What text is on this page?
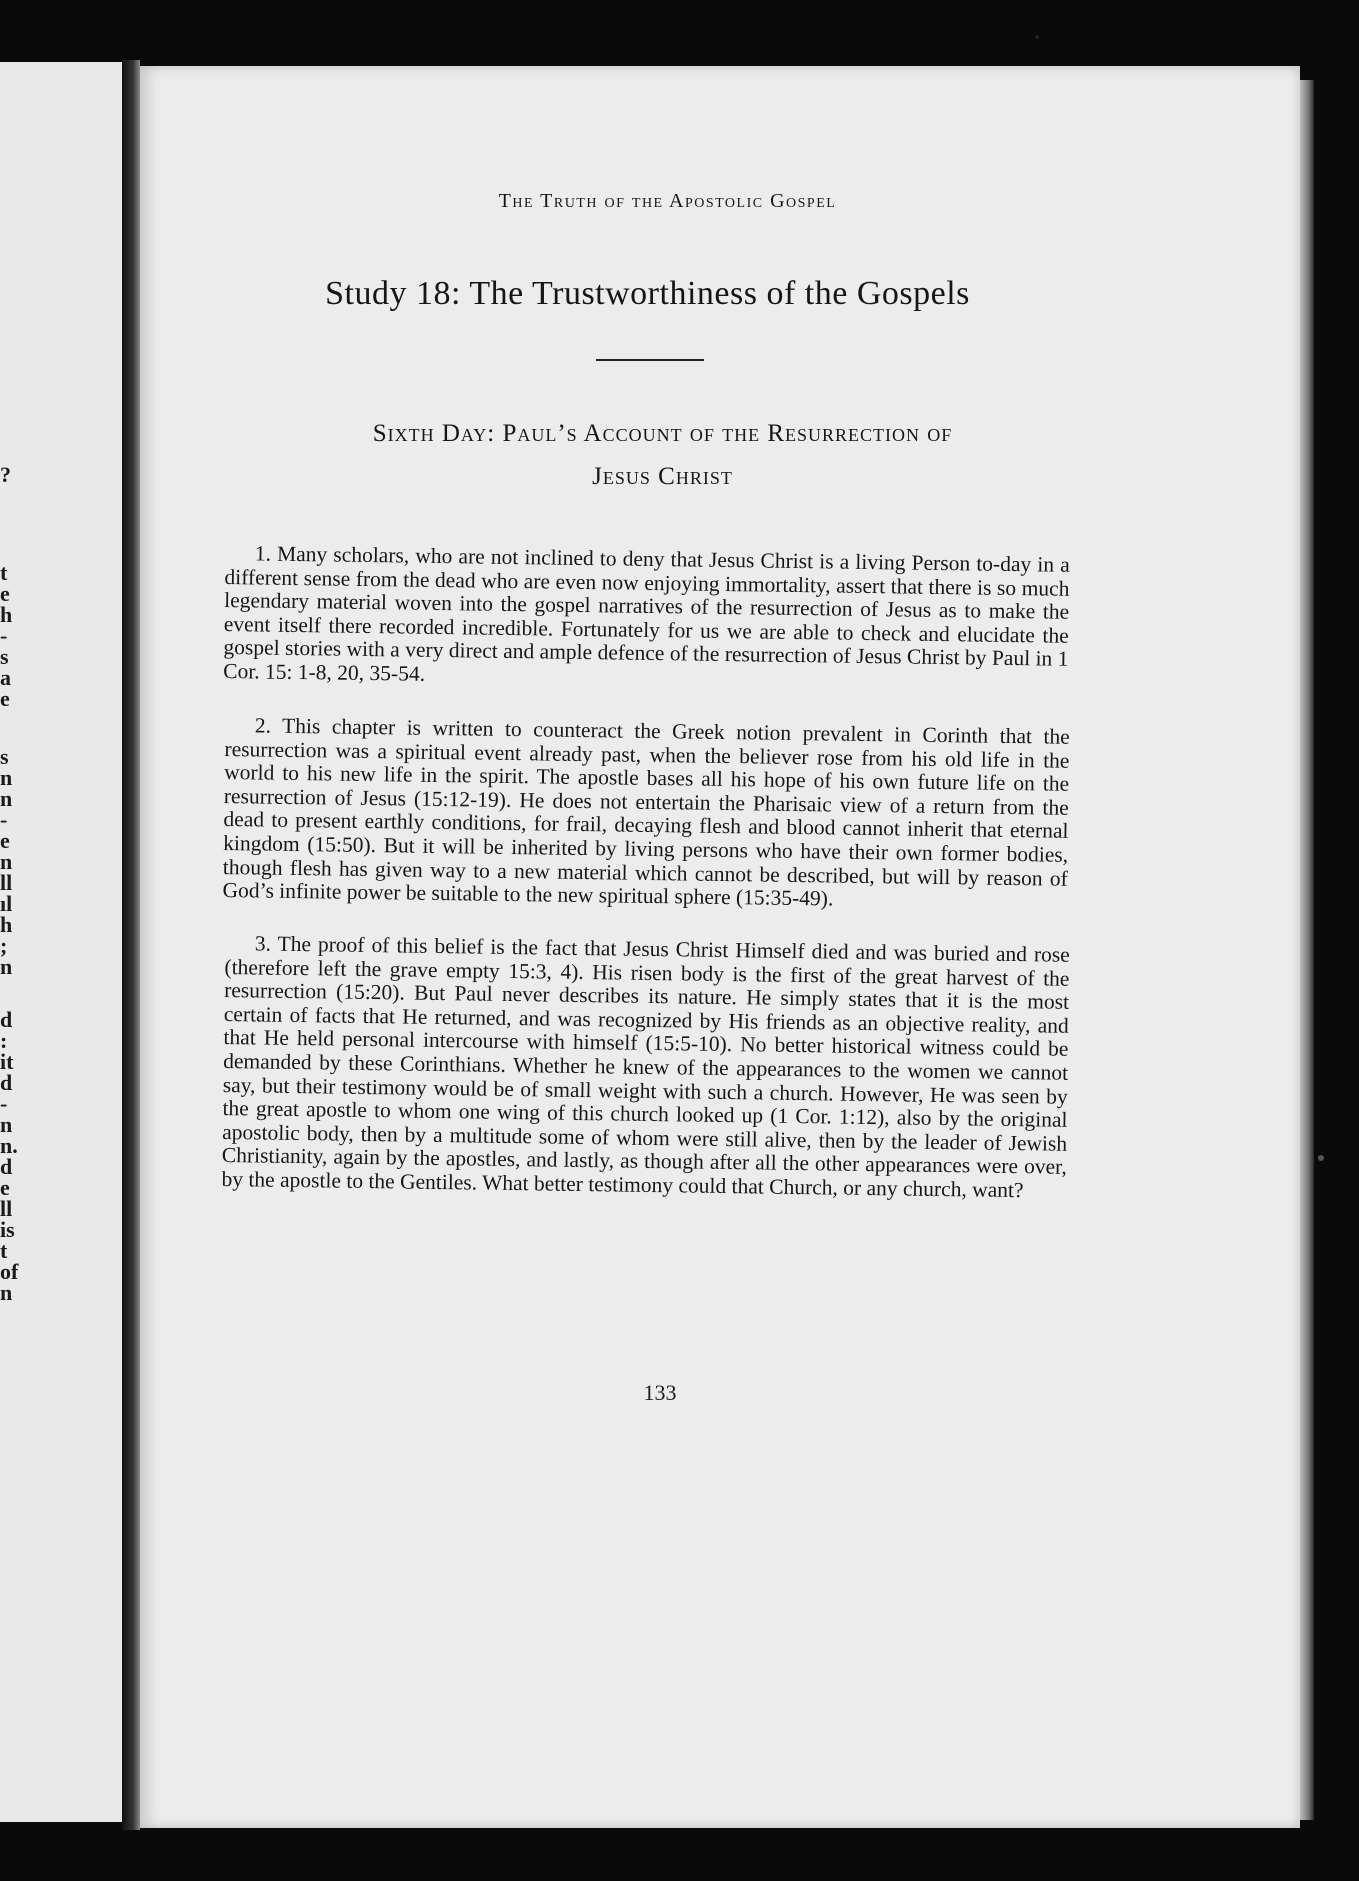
?
t
e
h
-
s
a
e
s
n
n
-
e
n
ll
ıl
h
;
n
d
:
it
d
-
n
n.
d
e
ll
is
t
of
n
The Truth of the Apostolic Gospel
Study 18: The Trustworthiness of the Gospels
Sixth Day: Paul’s Account of the Resurrection of
Jesus Christ

1. Many scholars, who are not inclined to deny that Jesus Christ is a living Person to-day in a different sense from the dead who are even now enjoying immortality, assert that there is so much legendary material woven into the gospel narratives of the resurrection of Jesus as to make the event itself there recorded incredible. Fortunately for us we are able to check and elucidate the gospel stories with a very direct and ample defence of the resurrection of Jesus Christ by Paul in 1 Cor. 15: 1-8, 20, 35-54.

2. This chapter is written to counteract the Greek notion prevalent in Corinth that the resurrection was a spiritual event already past, when the believer rose from his old life in the world to his new life in the spirit. The apostle bases all his hope of his own future life on the resurrection of Jesus (15:12-19). He does not entertain the Pharisaic view of a return from the dead to present earthly conditions, for frail, decaying flesh and blood cannot inherit that eternal kingdom (15:50). But it will be inherited by living persons who have their own former bodies, though flesh has given way to a new material which cannot be described, but will by reason of God’s infinite power be suitable to the new spiritual sphere (15:35-49).

3. The proof of this belief is the fact that Jesus Christ Himself died and was buried and rose (therefore left the grave empty 15:3, 4). His risen body is the first of the great harvest of the resurrection (15:20). But Paul never describes its nature. He simply states that it is the most certain of facts that He returned, and was recognized by His friends as an objective reality, and that He held personal intercourse with himself (15:5-10). No better historical witness could be demanded by these Corinthians. Whether he knew of the appearances to the women we cannot say, but their testimony would be of small weight with such a church. However, He was seen by the great apostle to whom one wing of this church looked up (1 Cor. 1:12), also by the original apostolic body, then by a multitude some of whom were still alive, then by the leader of Jewish Christianity, again by the apostles, and lastly, as though after all the other appearances were over, by the apostle to the Gentiles. What better testimony could that Church, or any church, want?

133
